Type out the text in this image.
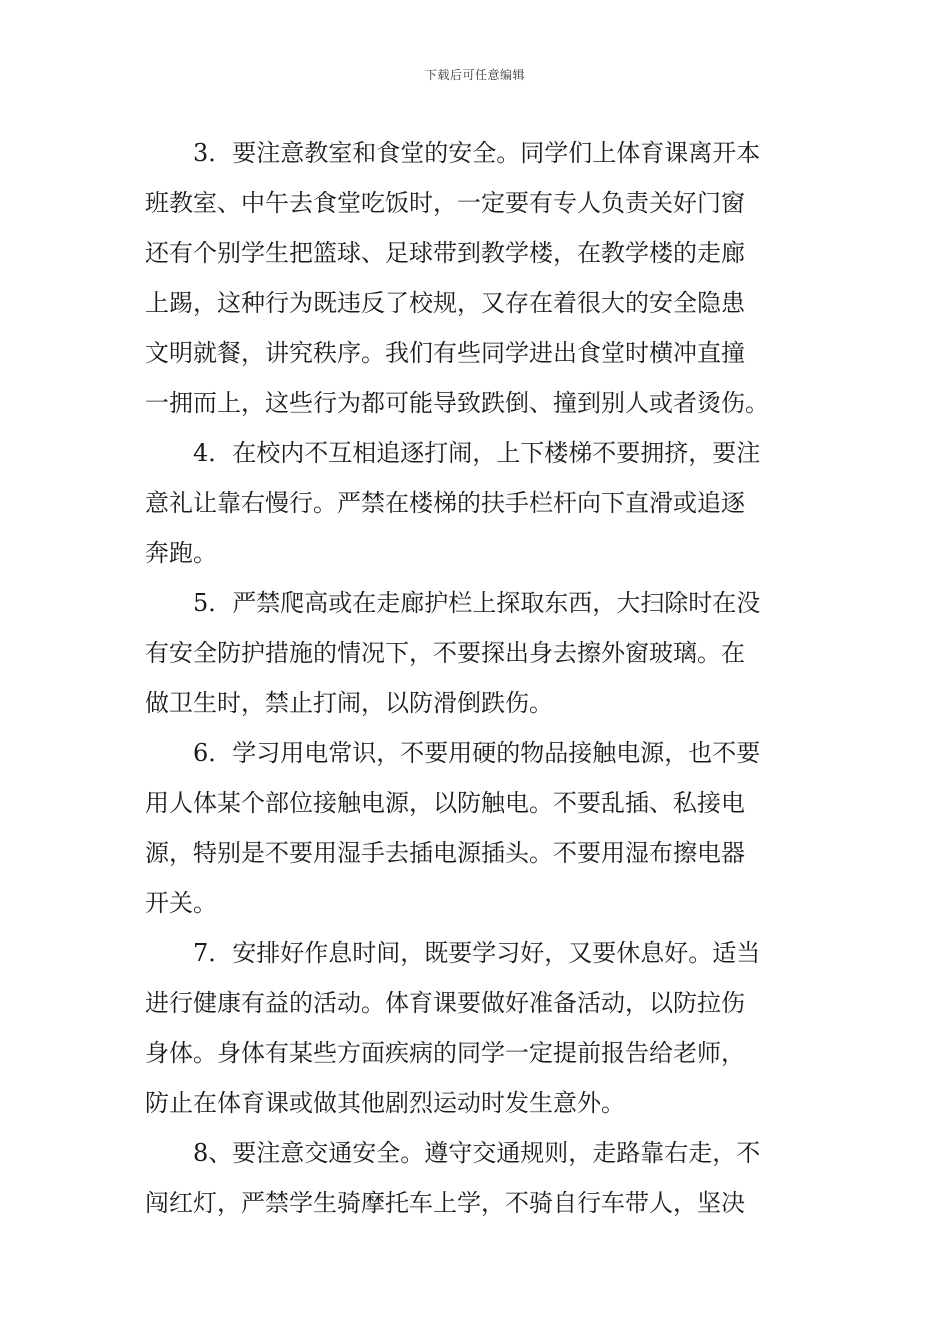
下载后可任意编辑
3．要注意教室和食堂的安全。同学们上体育课离开本
班教室、中午去食堂吃饭时，一定要有专人负责关好门窗
还有个别学生把篮球、足球带到教学楼，在教学楼的走廊
上踢，这种行为既违反了校规，又存在着很大的安全隐患
文明就餐，讲究秩序。我们有些同学进出食堂时横冲直撞
一拥而上，这些行为都可能导致跌倒、撞到别人或者烫伤。
4．在校内不互相追逐打闹，上下楼梯不要拥挤，要注
意礼让靠右慢行。严禁在楼梯的扶手栏杆向下直滑或追逐
奔跑。
5．严禁爬高或在走廊护栏上探取东西，大扫除时在没
有安全防护措施的情况下，不要探出身去擦外窗玻璃。在
做卫生时，禁止打闹，以防滑倒跌伤。
6．学习用电常识，不要用硬的物品接触电源，也不要
用人体某个部位接触电源，以防触电。不要乱插、私接电
源，特别是不要用湿手去插电源插头。不要用湿布擦电器
开关。
7．安排好作息时间，既要学习好，又要休息好。适当
进行健康有益的活动。体育课要做好准备活动，以防拉伤
身体。身体有某些方面疾病的同学一定提前报告给老师，
防止在体育课或做其他剧烈运动时发生意外。
8、要注意交通安全。遵守交通规则，走路靠右走，不
闯红灯，严禁学生骑摩托车上学，不骑自行车带人，坚决
